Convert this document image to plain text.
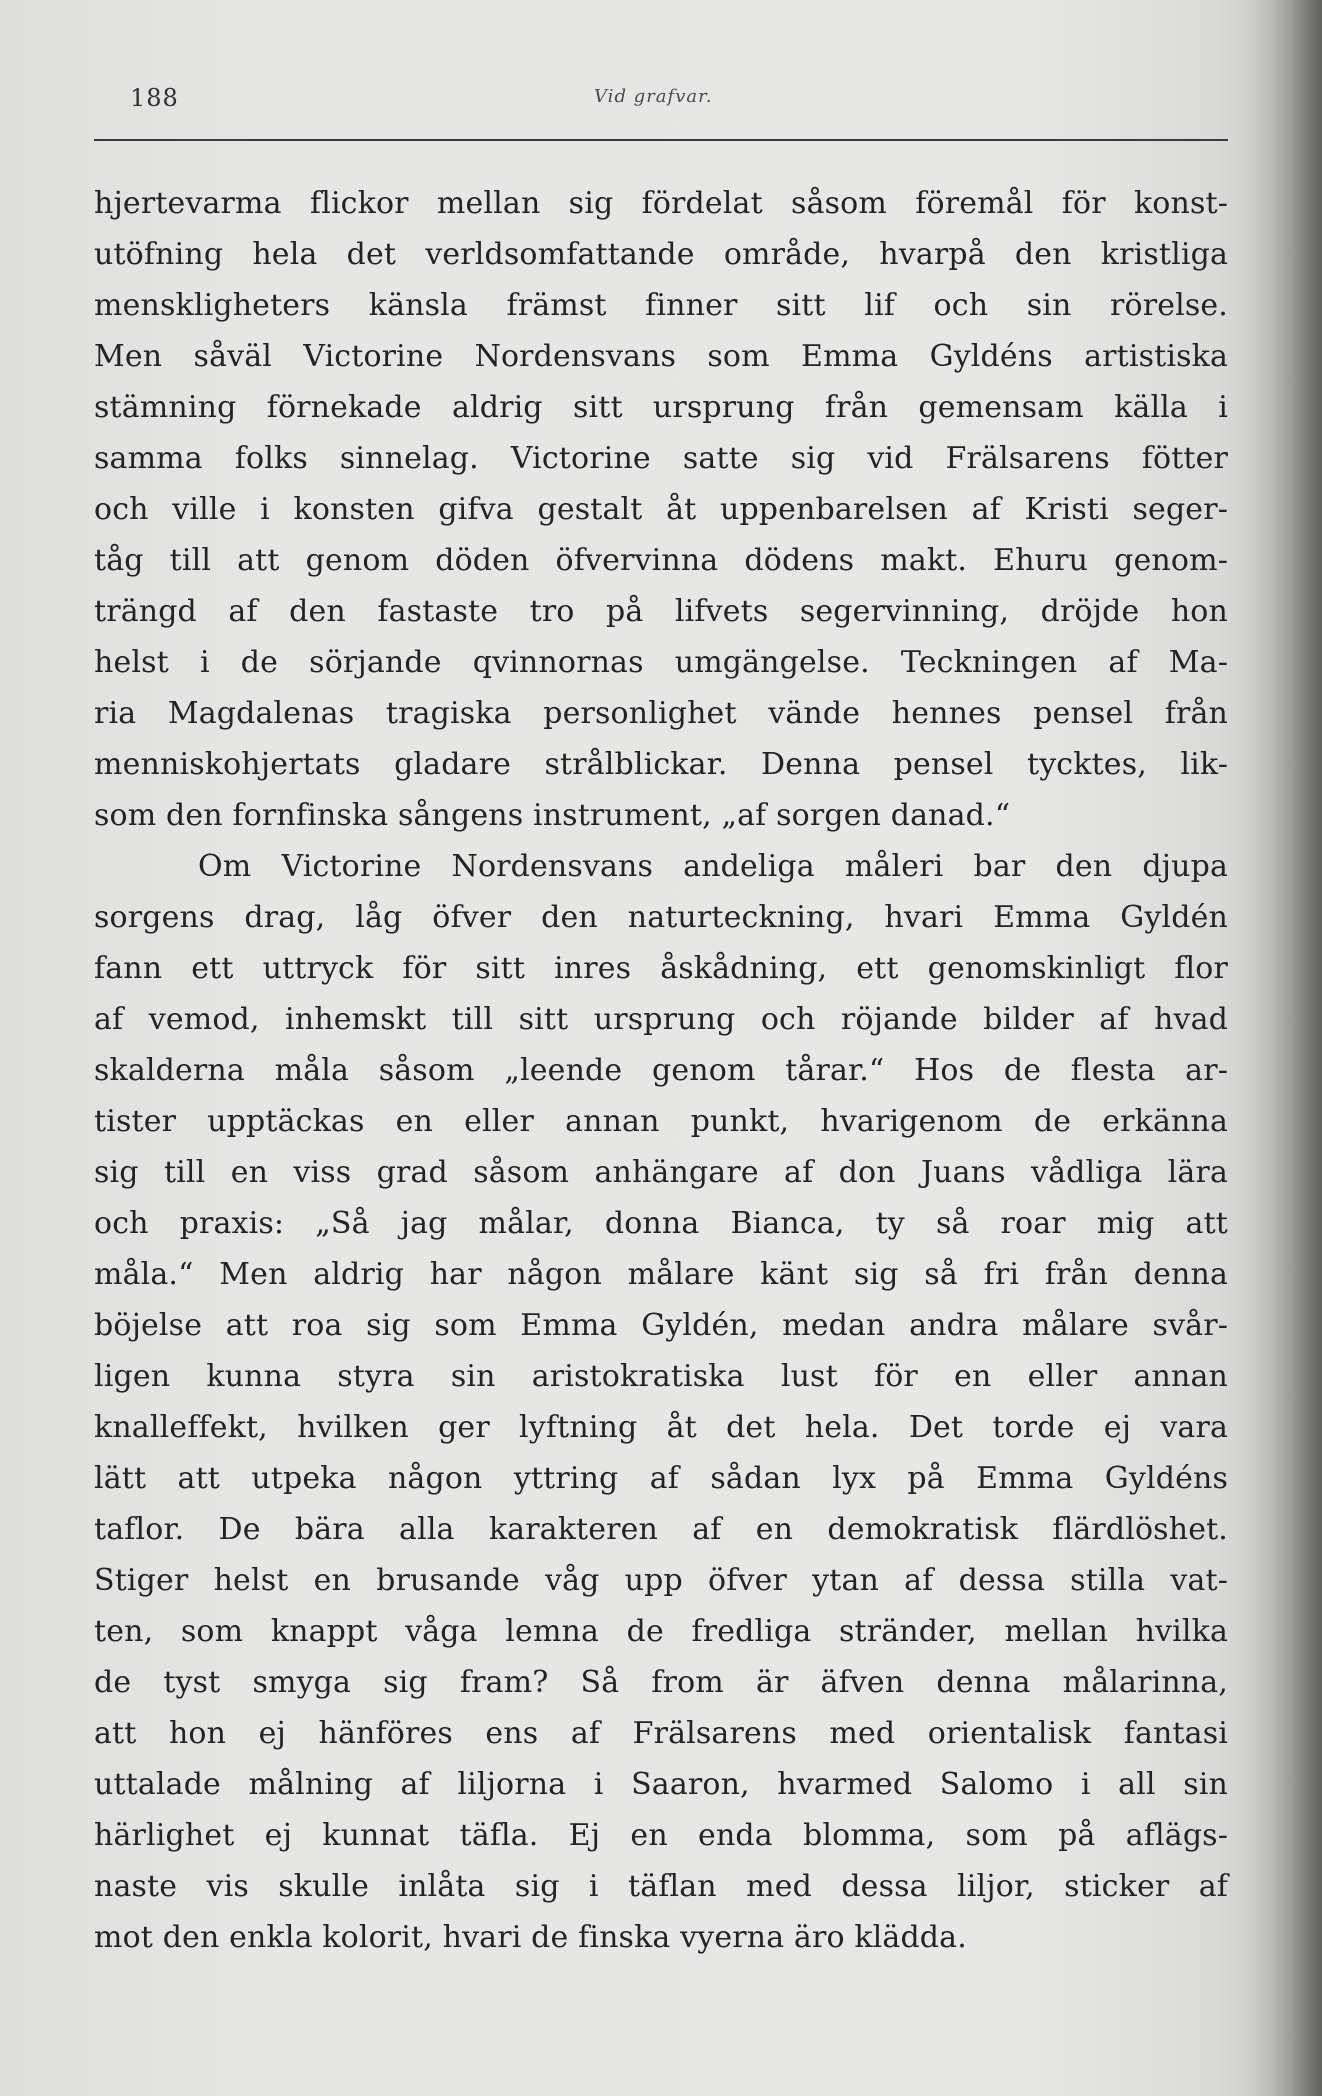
188	Vid grafvar.
hjertevarma flickor mellan sig fördelat såsom föremål för konst-
utöfning hela det verldsomfattande område, hvarpå den kristliga
menskligheters känsla främst finner sitt lif och sin rörelse.
Men såväl Victorine Nordensvans som Emma Gyldéns artistiska
stämning förnekade aldrig sitt ursprung från gemensam källa i
samma folks sinnelag. Victorine satte sig vid Frälsarens fötter
och ville i konsten gifva gestalt åt uppenbarelsen af Kristi seger-
tåg till att genom döden öfvervinna dödens makt. Ehuru genom-
trängd af den fastaste tro på lifvets segervinning, dröjde hon
helst i de sörjande qvinnornas umgängelse. Teckningen af Ma-
ria Magdalenas tragiska personlighet vände hennes pensel från
menniskohjertats gladare strålblickar. Denna pensel tycktes, lik-
som den fornfinska sångens instrument, „af sorgen danad.“
Om Victorine Nordensvans andeliga måleri bar den djupa
sorgens drag, låg öfver den naturteckning, hvari Emma Gyldén
fann ett uttryck för sitt inres åskådning, ett genomskinligt flor
af vemod, inhemskt till sitt ursprung och röjande bilder af hvad
skalderna måla såsom „leende genom tårar.“ Hos de flesta ar-
tister upptäckas en eller annan punkt, hvarigenom de erkänna
sig till en viss grad såsom anhängare af don Juans vådliga lära
och praxis: „Så jag målar, donna Bianca, ty så roar mig att
måla.“ Men aldrig har någon målare känt sig så fri från denna
böjelse att roa sig som Emma Gyldén, medan andra målare svår-
ligen kunna styra sin aristokratiska lust för en eller annan
knalleffekt, hvilken ger lyftning åt det hela. Det torde ej vara
lätt att utpeka någon yttring af sådan lyx på Emma Gyldéns
taflor. De bära alla karakteren af en demokratisk flärdlöshet.
Stiger helst en brusande våg upp öfver ytan af dessa stilla vat-
ten, som knappt våga lemna de fredliga stränder, mellan hvilka
de tyst smyga sig fram? Så from är äfven denna målarinna,
att hon ej hänföres ens af Frälsarens med orientalisk fantasi
uttalade målning af liljorna i Saaron, hvarmed Salomo i all sin
härlighet ej kunnat täfla. Ej en enda blomma, som på aflägs-
naste vis skulle inlåta sig i täflan med dessa liljor, sticker af
mot den enkla kolorit, hvari de finska vyerna äro klädda.
